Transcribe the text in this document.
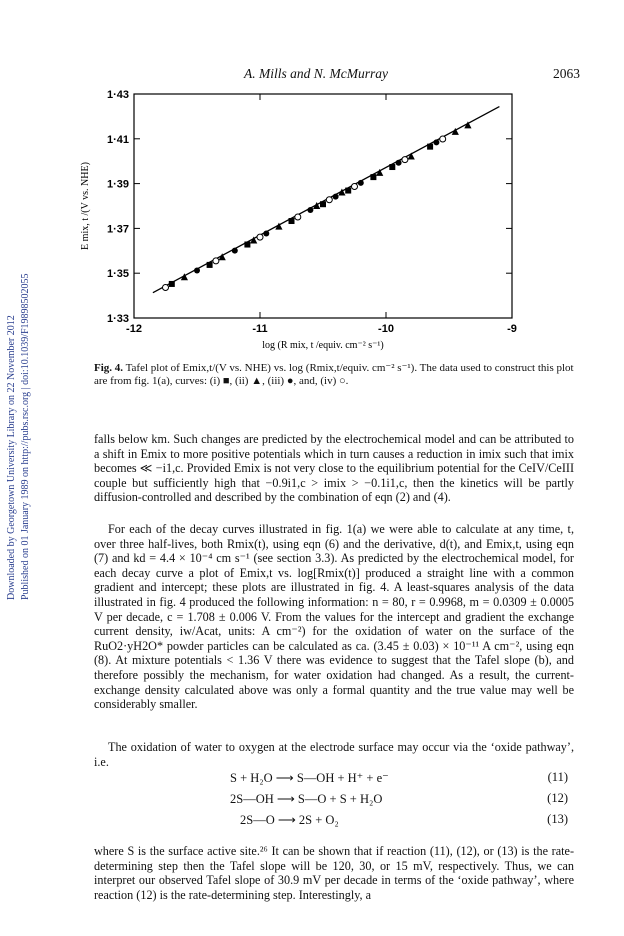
Downloaded by Georgetown University Library on 22 November 2012 Published on 01 January 1989 on http://pubs.rsc.org | doi:10.1039/F19898502055
A. Mills and N. McMurray	2063
1·33
1·35
1·37
1·39
1·41
1·43
-12	-11	-10	-9
log (R mix, t /equiv. cm⁻² s⁻¹)
E mix, t /(V vs. NHE)
Fig. 4. Tafel plot of Emix,t/(V vs. NHE) vs. log (Rmix,t/equiv. cm⁻² s⁻¹). The data used to construct this plot are from fig. 1(a), curves: (i) ■, (ii) ▲, (iii) ●, and, (iv) ○.

falls below km. Such changes are predicted by the electrochemical model and can be attributed to a shift in Emix to more positive potentials which in turn causes a reduction in imix such that imix becomes ≪ −i1,c. Provided Emix is not very close to the equilibrium potential for the CeIV/CeIII couple but sufficiently high that −0.9i1,c > imix > −0.1i1,c, then the kinetics will be partly diffusion-controlled and described by the combination of eqn (2) and (4).

For each of the decay curves illustrated in fig. 1(a) we were able to calculate at any time, t, over three half-lives, both Rmix(t), using eqn (6) and the derivative, d(t), and Emix,t, using eqn (7) and kd = 4.4 × 10⁻⁴ cm s⁻¹ (see section 3.3). As predicted by the electrochemical model, for each decay curve a plot of Emix,t vs. log[Rmix(t)] produced a straight line with a common gradient and intercept; these plots are illustrated in fig. 4. A least-squares analysis of the data illustrated in fig. 4 produced the following information: n = 80, r = 0.9968, m = 0.0309 ± 0.0005 V per decade, c = 1.708 ± 0.006 V. From the values for the intercept and gradient the exchange current density, iw/Acat, units: A cm⁻²) for the oxidation of water on the surface of the RuO2·yH2O* powder particles can be calculated as ca. (3.45 ± 0.03) × 10⁻¹¹ A cm⁻², using eqn (8). At mixture potentials < 1.36 V there was evidence to suggest that the Tafel slope (b), and therefore possibly the mechanism, for water oxidation had changed. As a result, the current-exchange density calculated above was only a formal quantity and the true value may well be considerably smaller.

The oxidation of water to oxygen at the electrode surface may occur via the ‘oxide pathway’, i.e.

S + H₂O ⟶ S—OH + H⁺ + e⁻	(11)
2S—OH ⟶ S—O + S + H₂O	(12)
2S—O ⟶ 2S + O₂	(13)

where S is the surface active site.²⁶ It can be shown that if reaction (11), (12), or (13) is the rate-determining step then the Tafel slope will be 120, 30, or 15 mV, respectively. Thus, we can interpret our observed Tafel slope of 30.9 mV per decade in terms of the ‘oxide pathway’, where reaction (12) is the rate-determining step. Interestingly, a
